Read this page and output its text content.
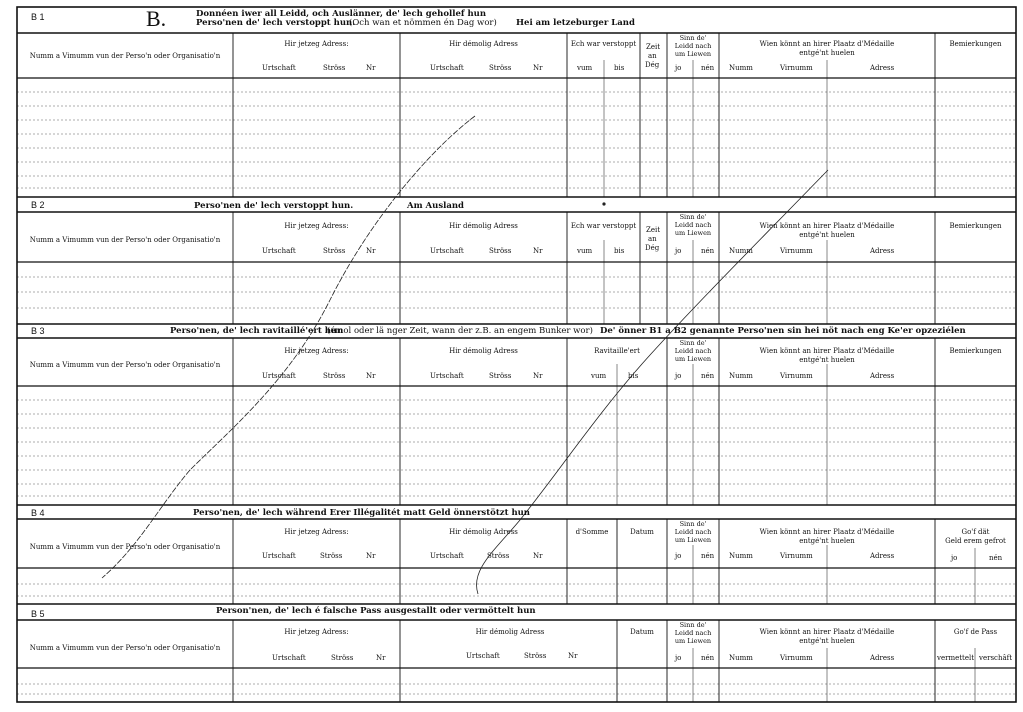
B 1	B.	Donnéen iwer all Leidd, och Auslänner, de' lech gehollef hun
Perso'nen de' lech verstoppt hun.
(Och wan et nömmen én Dag wor) Hei am letzeburger Land
Numm a Vimumm vun der Perso'n oder Organisatio'n
Hir jetzeg Adress:
Urtschaft	Ströss	Nr
Hir démolig Adress
Urtschaft	Ströss	Nr
Ech war verstoppt
vum	bis
Zeit
an
Dég
Sinn de'
Leidd nach
um Liewen
jo	nén
Wien könnt an hirer Plaatz d'Médaille
entgé'nt huelen
Numm	Virnumm	Adress
Bemierkungen
B 2	Perso'nen de' lech verstoppt hun.	Am Ausland
Numm a Vimumm vun der Perso'n oder Organisatio'n
Hir jetzeg Adress:
Urtschaft	Ströss	Nr
Hir démolig Adress
Urtschaft	Ströss	Nr
Ech war verstoppt
vum	bis
Zeit
an
Dég
Sinn de'
Leidd nach
um Liewen
jo	nén
Wien könnt an hirer Plaatz d'Médaille
entgé'nt huelen
Numm	Virnumm	Adress
Bemierkungen
B 3	Perso'nen, de' lech ravitaillé'ert hun
(émol oder lä nger Zeit, wann der z.B. an engem Bunker wor) De' önner B1 a B2 genannte Perso'nen sin hei nöt nach eng Ke'er opzeziélen
Numm a Vimumm vun der Perso'n oder Organisatio'n
Hir jetzeg Adress:
Urtschaft	Ströss	Nr
Hir démolig Adress
Urtschaft	Ströss	Nr
Ravitaille'ert
vum	bis
Sinn de'
Leidd nach
um Liewen
jo	nén
Wien könnt an hirer Plaatz d'Médaille
entgé'nt huelen
Numm	Virnumm	Adress
Bemierkungen
B 4	Perso'nen, de' lech während Erer Illégalitét matt Geld önnerstötzt hun
Numm a Vimumm vun der Perso'n oder Organisatio'n
Hir jetzeg Adress:
Urtschaft	Ströss	Nr
Hir démolig Adress
Urtschaft	Ströss	Nr
d'Somme	Datum
Sinn de'
Leidd nach
um Liewen
jo	nén
Wien könnt an hirer Plaatz d'Médaille
entgé'nt huelen
Numm	Virnumm	Adress
Go'f dät
Geld erem gefrot
jo	nén
B 5	Person'nen, de' lech é falsche Pass ausgestallt oder vermöttelt hun
Numm a Vimumm vun der Perso'n oder Organisatio'n
Hir jetzeg Adress:
Urtschaft	Ströss	Nr
Hir démolig Adress
Urtschaft	Ströss	Nr
Datum
Sinn de'
Leidd nach
um Liewen
jo	nén
Wien könnt an hirer Plaatz d'Médaille
entgé'nt huelen
Numm	Virnumm	Adress
Go'f de Pass
vermettelt verschâft
